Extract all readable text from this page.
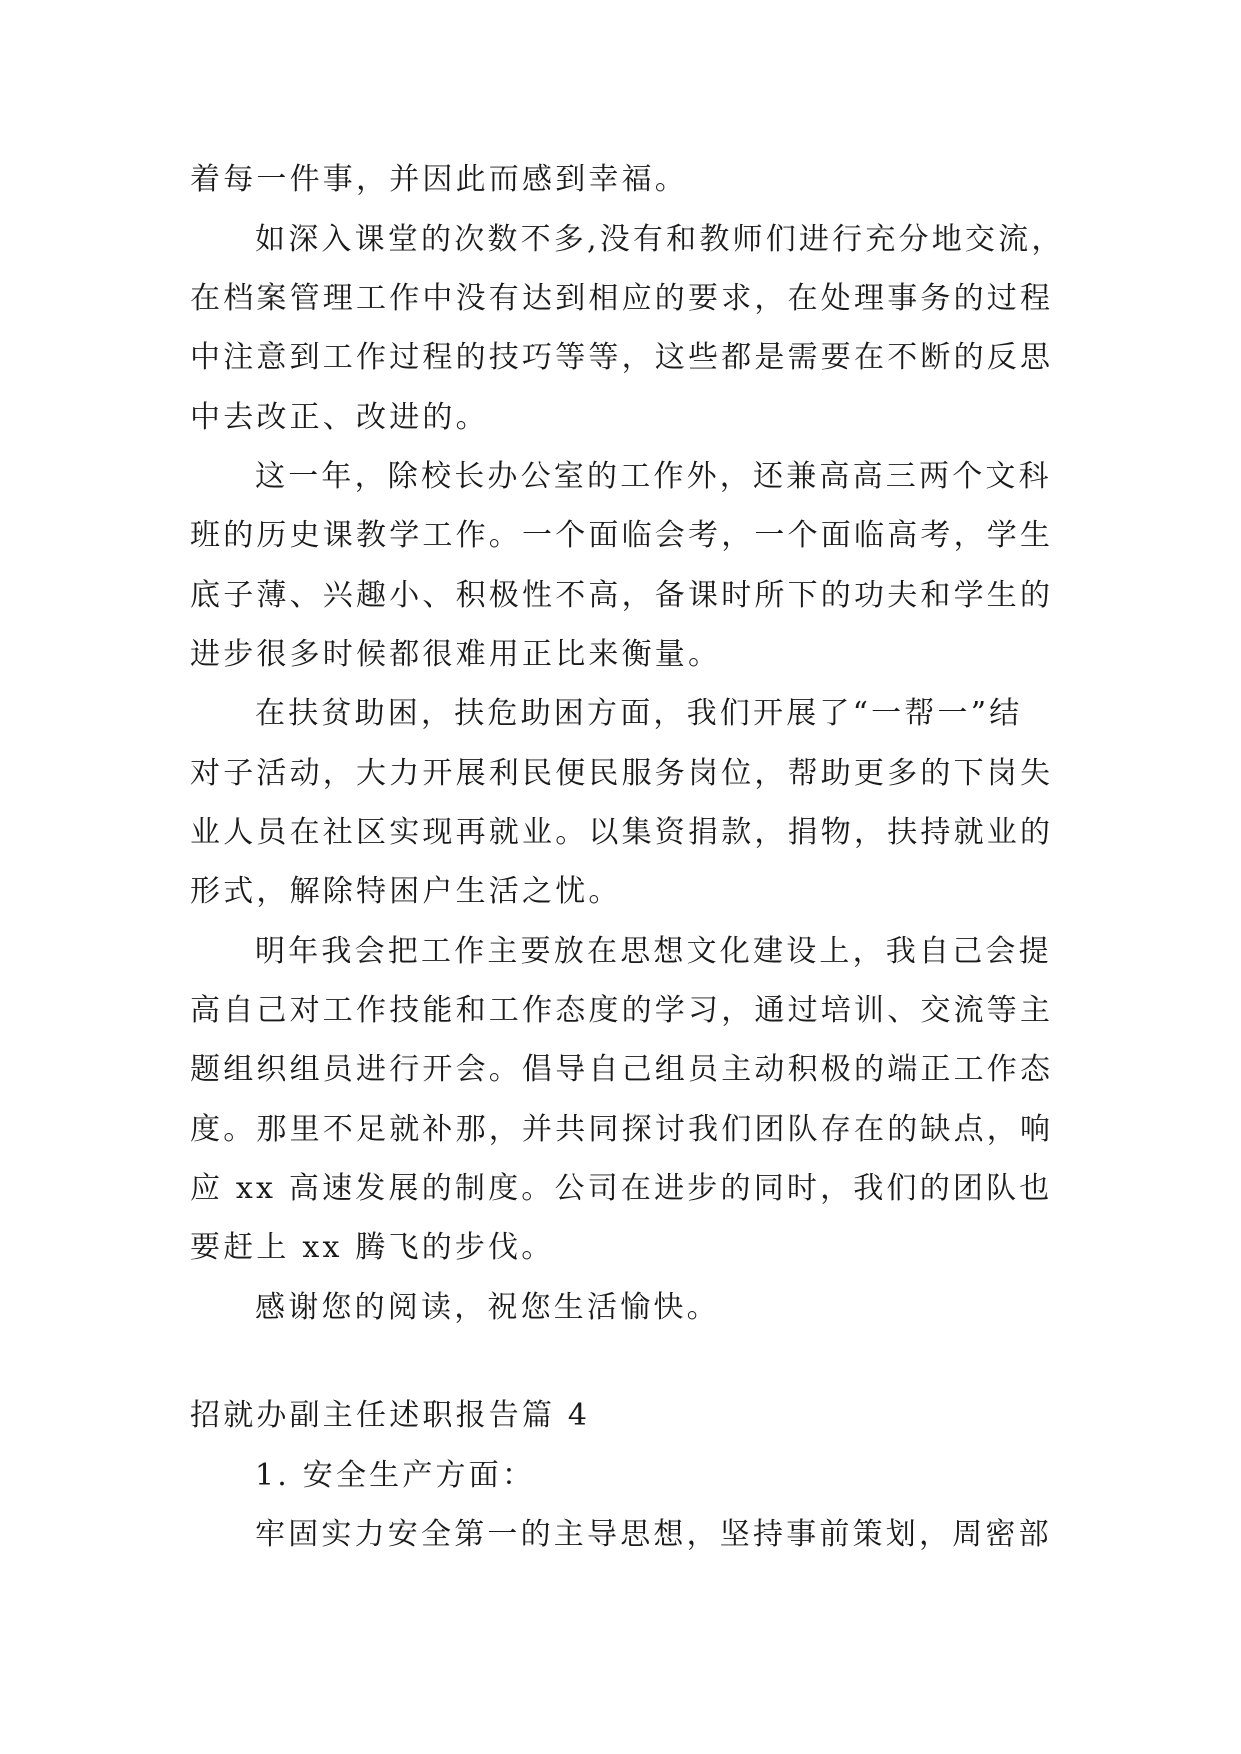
着每一件事，并因此而感到幸福。
如深入课堂的次数不多,没有和教师们进行充分地交流，
在档案管理工作中没有达到相应的要求，在处理事务的过程
中注意到工作过程的技巧等等，这些都是需要在不断的反思
中去改正、改进的。
这一年，除校长办公室的工作外，还兼高高三两个文科
班的历史课教学工作。一个面临会考，一个面临高考，学生
底子薄、兴趣小、积极性不高，备课时所下的功夫和学生的
进步很多时候都很难用正比来衡量。
在扶贫助困，扶危助困方面，我们开展了“一帮一”结
对子活动，大力开展利民便民服务岗位，帮助更多的下岗失
业人员在社区实现再就业。以集资捐款，捐物，扶持就业的
形式，解除特困户生活之忧。
明年我会把工作主要放在思想文化建设上，我自己会提
高自己对工作技能和工作态度的学习，通过培训、交流等主
题组织组员进行开会。倡导自己组员主动积极的端正工作态
度。那里不足就补那，并共同探讨我们团队存在的缺点，响
应 xx 高速发展的制度。公司在进步的同时，我们的团队也
要赶上 xx 腾飞的步伐。
感谢您的阅读，祝您生活愉快。
招就办副主任述职报告篇 4
1. 安全生产方面：
牢固实力安全第一的主导思想，坚持事前策划，周密部
